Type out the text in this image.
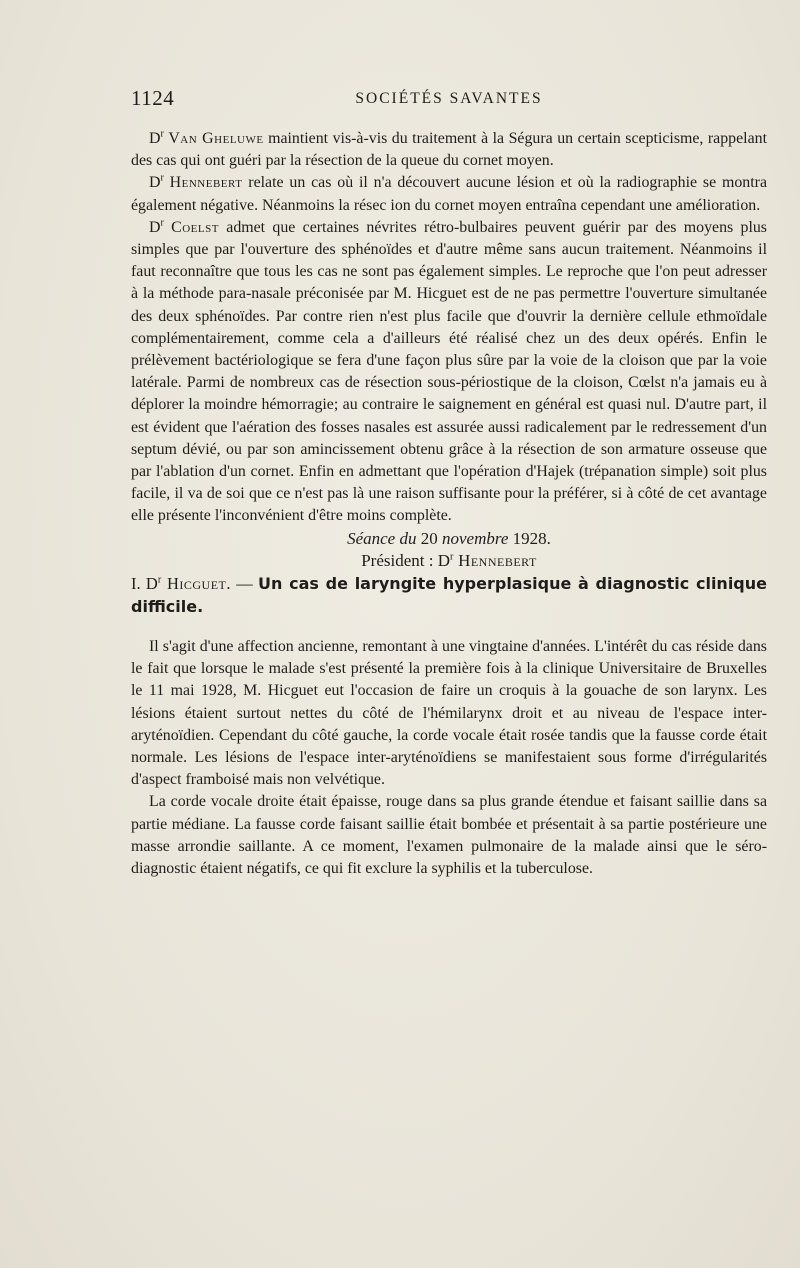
1124	SOCIÉTÉS SAVANTES

$D^r$ Van Gheluwe maintient vis-à-vis du traitement à la Ségura un certain scepticisme, rappelant des cas qui ont guéri par la résection de la queue du cornet moyen.

$D^r$ Hennebert relate un cas où il n'a découvert aucune lésion et où la radiographie se montra également négative. Néanmoins la résec ion du cornet moyen entraîna cependant une amélioration.

$D^r$ Coelst admet que certaines névrites rétro-bulbaires peuvent guérir par des moyens plus simples que par l'ouverture des sphénoïdes et d'autre même sans aucun traitement. Néanmoins il faut reconnaître que tous les cas ne sont pas également simples. Le reproche que l'on peut adresser à la méthode para-nasale préconisée par M. Hicguet est de ne pas permettre l'ouverture simultanée des deux sphénoïdes. Par contre rien n'est plus facile que d'ouvrir la dernière cellule ethmoïdale complémentairement, comme cela a d'ailleurs été réalisé chez un des deux opérés. Enfin le prélèvement bactériologique se fera d'une façon plus sûre par la voie de la cloison que par la voie latérale. Parmi de nombreux cas de résection sous-périostique de la cloison, Cœlst n'a jamais eu à déplorer la moindre hémorragie; au contraire le saignement en général est quasi nul. D'autre part, il est évident que l'aération des fosses nasales est assurée aussi radicalement par le redressement d'un septum dévié, ou par son amincissement obtenu grâce à la résection de son armature osseuse que par l'ablation d'un cornet. Enfin en admettant que l'opération d'Hajek (trépanation simple) soit plus facile, il va de soi que ce n'est pas là une raison suffisante pour la préférer, si à côté de cet avantage elle présente l'inconvénient d'être moins complète.

Séance du 20 novembre 1928.

Président : $D^r$ Hennebert

I. $D^r$ Hicguet. — Un cas de laryngite hyperplasique à diagnostic clinique difficile.

Il s'agit d'une affection ancienne, remontant à une vingtaine d'années. L'intérêt du cas réside dans le fait que lorsque le malade s'est présenté la première fois à la clinique Universitaire de Bruxelles le 11 mai 1928, M. Hicguet eut l'occasion de faire un croquis à la gouache de son larynx. Les lésions étaient surtout nettes du côté de l'hémilarynx droit et au niveau de l'espace inter-aryténoïdien. Cependant du côté gauche, la corde vocale était rosée tandis que la fausse corde était normale. Les lésions de l'espace inter-aryténoïdiens se manifestaient sous forme d'irrégularités d'aspect framboisé mais non velvétique.

La corde vocale droite était épaisse, rouge dans sa plus grande étendue et faisant saillie dans sa partie médiane. La fausse corde faisant saillie était bombée et présentait à sa partie postérieure une masse arrondie saillante. A ce moment, l'examen pulmonaire de la malade ainsi que le séro-diagnostic étaient négatifs, ce qui fit exclure la syphilis et la tuberculose.
